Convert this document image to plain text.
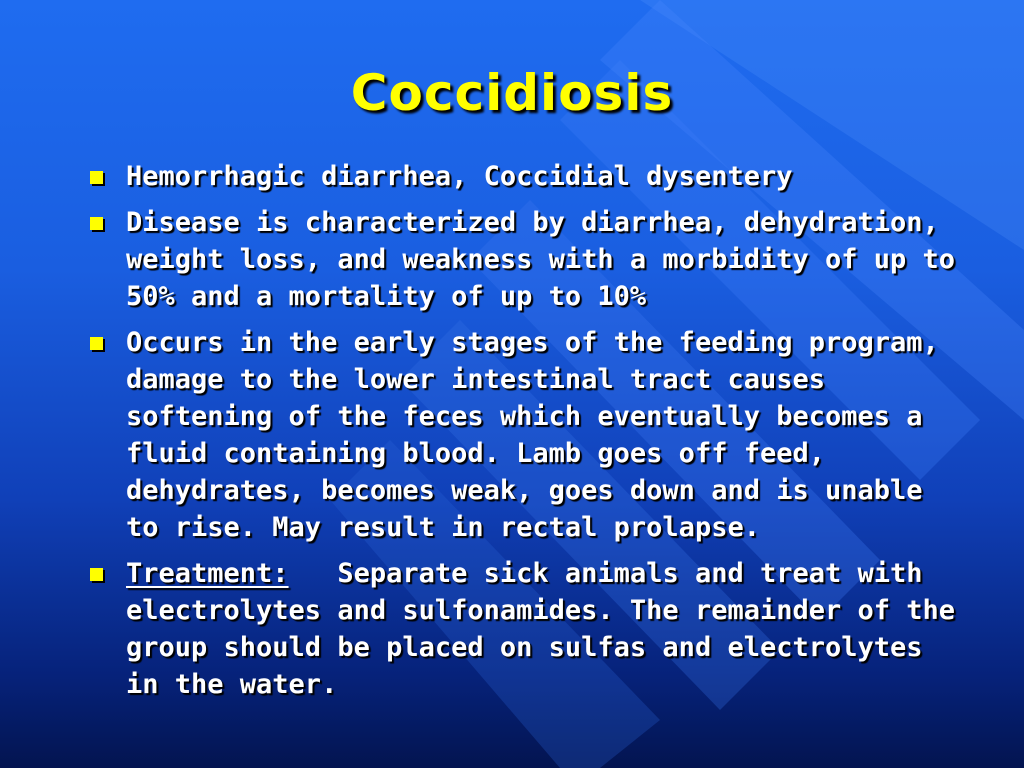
Coccidiosis
Hemorrhagic diarrhea, Coccidial dysentery
Disease is characterized by diarrhea, dehydration, weight loss, and weakness with a morbidity of up to 50% and a mortality of up to 10%
Occurs in the early stages of the feeding program, damage to the lower intestinal tract causes softening of the feces which eventually becomes a fluid containing blood. Lamb goes off feed, dehydrates, becomes weak, goes down and is unable to rise. May result in rectal prolapse.
Treatment: Separate sick animals and treat with electrolytes and sulfonamides. The remainder of the group should be placed on sulfas and electrolytes in the water.
